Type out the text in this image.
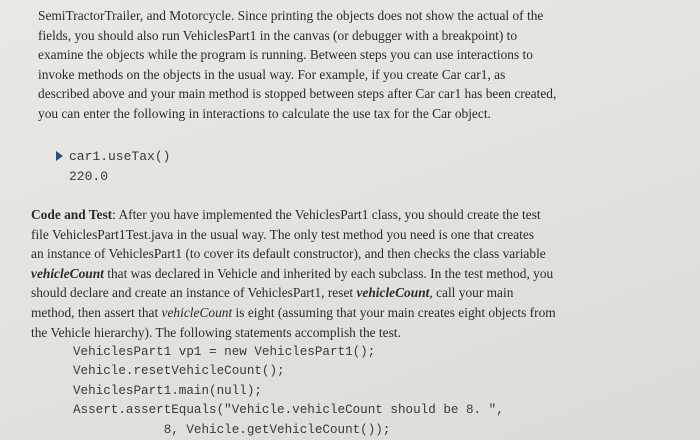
SemiTractorTrailer, and Motorcycle. Since printing the objects does not show the actual of the
fields, you should also run VehiclesPart1 in the canvas (or debugger with a breakpoint) to
examine the objects while the program is running. Between steps you can use interactions to
invoke methods on the objects in the usual way. For example, if you create Car car1, as
described above and your main method is stopped between steps after Car car1 has been created,
you can enter the following in interactions to calculate the use tax for the Car object.

car1.useTax()
220.0

Code and Test: After you have implemented the VehiclesPart1 class, you should create the test
file VehiclesPart1Test.java in the usual way. The only test method you need is one that creates
an instance of VehiclesPart1 (to cover its default constructor), and then checks the class variable
vehicleCount that was declared in Vehicle and inherited by each subclass. In the test method, you
should declare and create an instance of VehiclesPart1, reset vehicleCount, call your main
method, then assert that vehicleCount is eight (assuming that your main creates eight objects from
the Vehicle hierarchy). The following statements accomplish the test.

VehiclesPart1 vp1 = new VehiclesPart1();
Vehicle.resetVehicleCount();
VehiclesPart1.main(null);
Assert.assertEquals("Vehicle.vehicleCount should be 8. ",
8, Vehicle.getVehicleCount());
